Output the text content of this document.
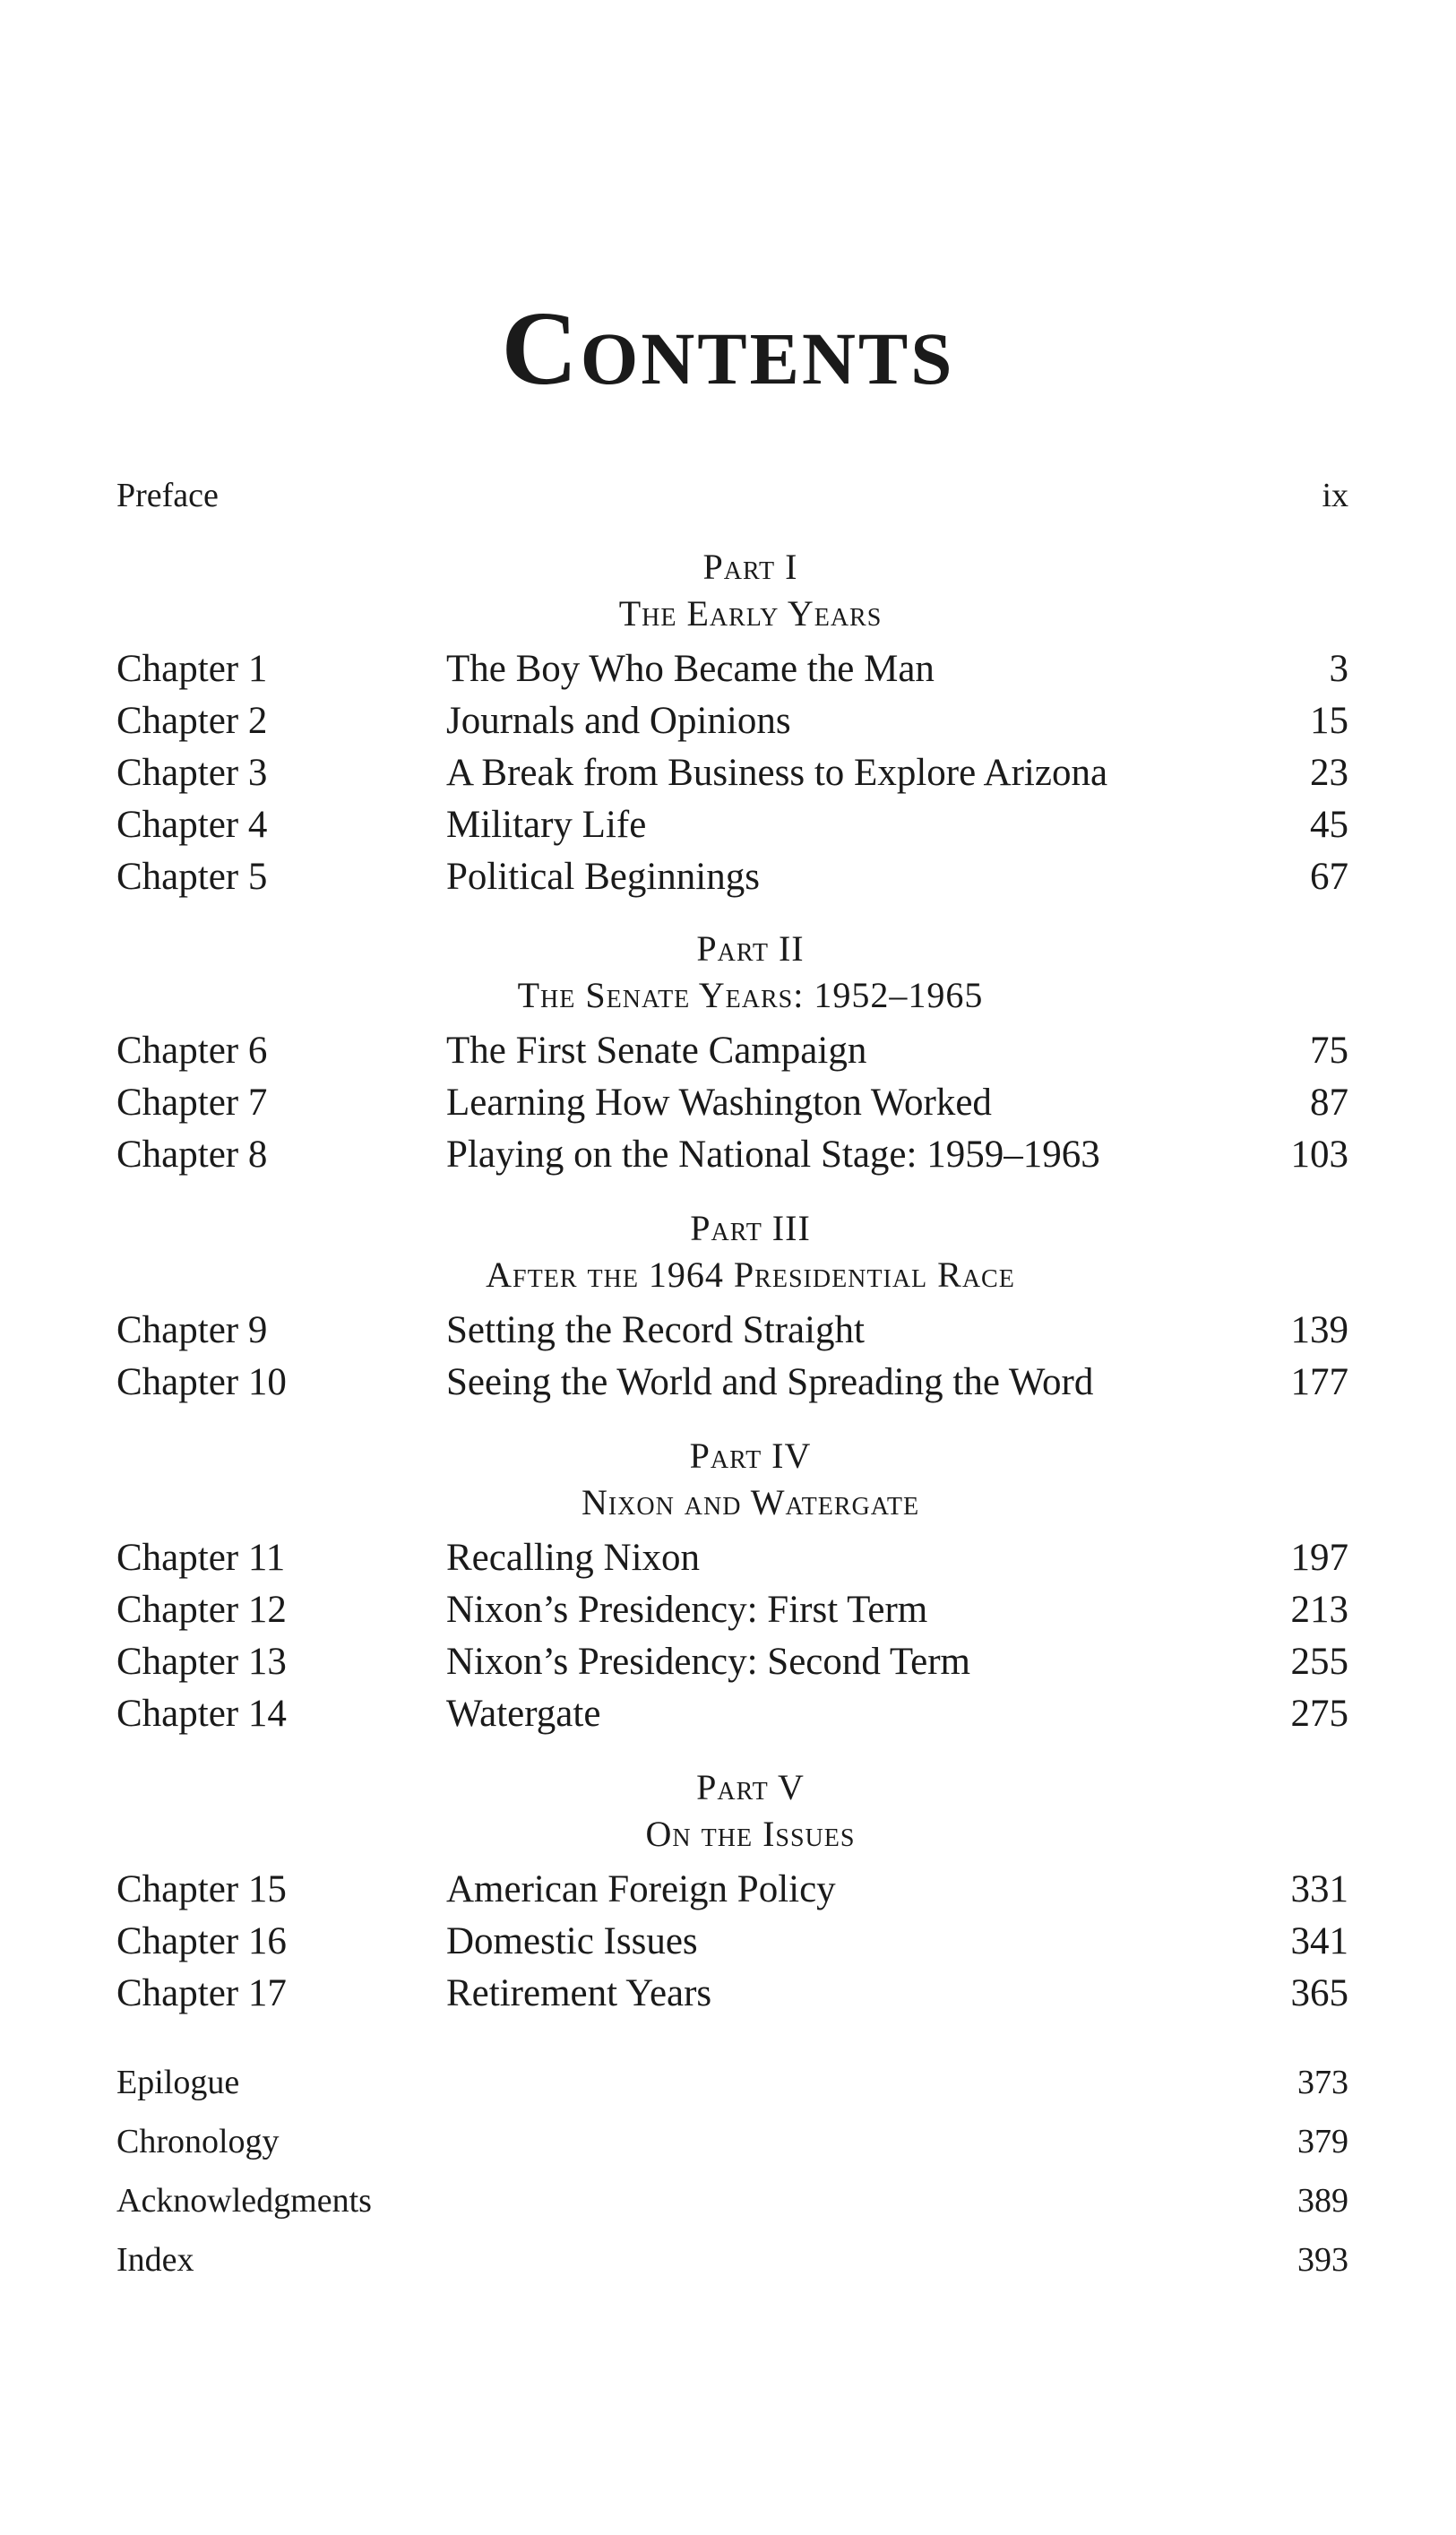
Contents
Preface	ix
Part I
The Early Years
Chapter 1	The Boy Who Became the Man	3
Chapter 2	Journals and Opinions	15
Chapter 3	A Break from Business to Explore Arizona	23
Chapter 4	Military Life	45
Chapter 5	Political Beginnings	67
Part II
The Senate Years: 1952–1965
Chapter 6	The First Senate Campaign	75
Chapter 7	Learning How Washington Worked	87
Chapter 8	Playing on the National Stage: 1959–1963	103
Part III
After the 1964 Presidential Race
Chapter 9	Setting the Record Straight	139
Chapter 10	Seeing the World and Spreading the Word	177
Part IV
Nixon and Watergate
Chapter 11	Recalling Nixon	197
Chapter 12	Nixon’s Presidency: First Term	213
Chapter 13	Nixon’s Presidency: Second Term	255
Chapter 14	Watergate	275
Part V
On the Issues
Chapter 15	American Foreign Policy	331
Chapter 16	Domestic Issues	341
Chapter 17	Retirement Years	365
Epilogue	373
Chronology	379
Acknowledgments	389
Index	393
